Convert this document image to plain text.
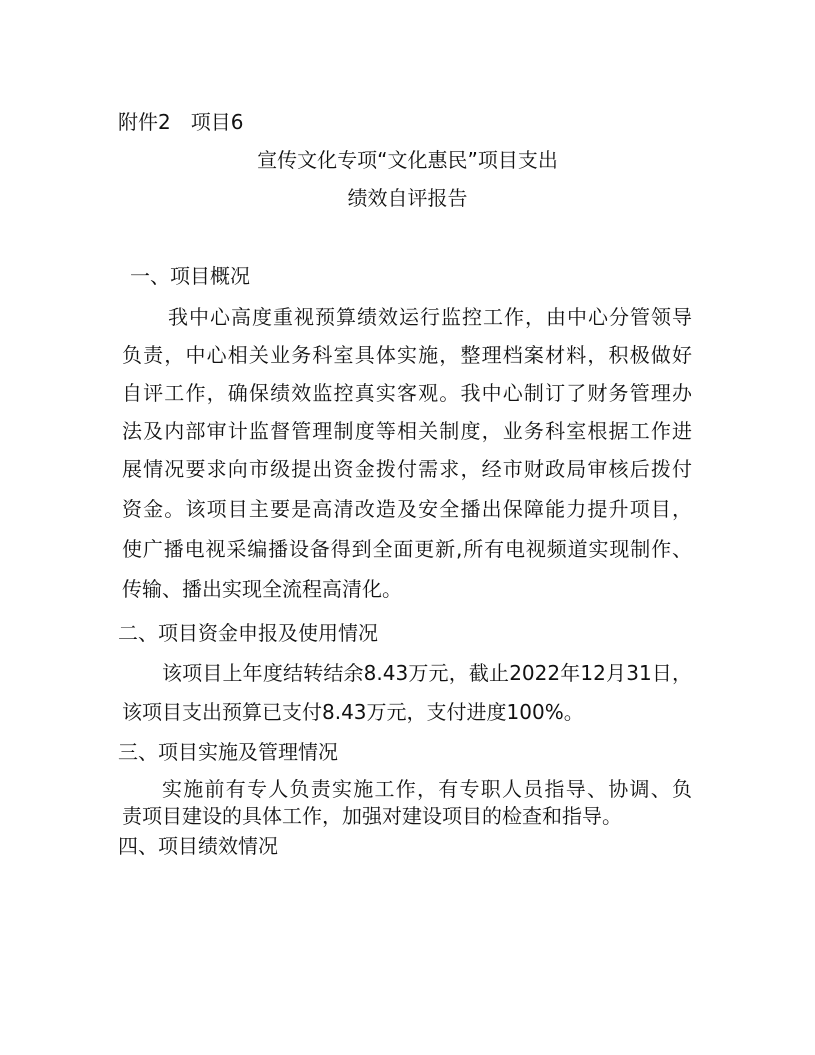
附件2　项目6
宣传文化专项“文化惠民”项目支出
绩效自评报告
一、项目概况
我中心高度重视预算绩效运行监控工作，由中心分管领导
负责，中心相关业务科室具体实施，整理档案材料，积极做好
自评工作，确保绩效监控真实客观。我中心制订了财务管理办
法及内部审计监督管理制度等相关制度，业务科室根据工作进
展情况要求向市级提出资金拨付需求，经市财政局审核后拨付
资金。该项目主要是高清改造及安全播出保障能力提升项目，
使广播电视采编播设备得到全面更新,所有电视频道实现制作、
传输、播出实现全流程高清化。
二、项目资金申报及使用情况
该项目上年度结转结余8.43万元，截止2022年12月31日，
该项目支出预算已支付8.43万元，支付进度100%。
三、项目实施及管理情况
实施前有专人负责实施工作，有专职人员指导、协调、负
责项目建设的具体工作，加强对建设项目的检查和指导。
四、项目绩效情况
